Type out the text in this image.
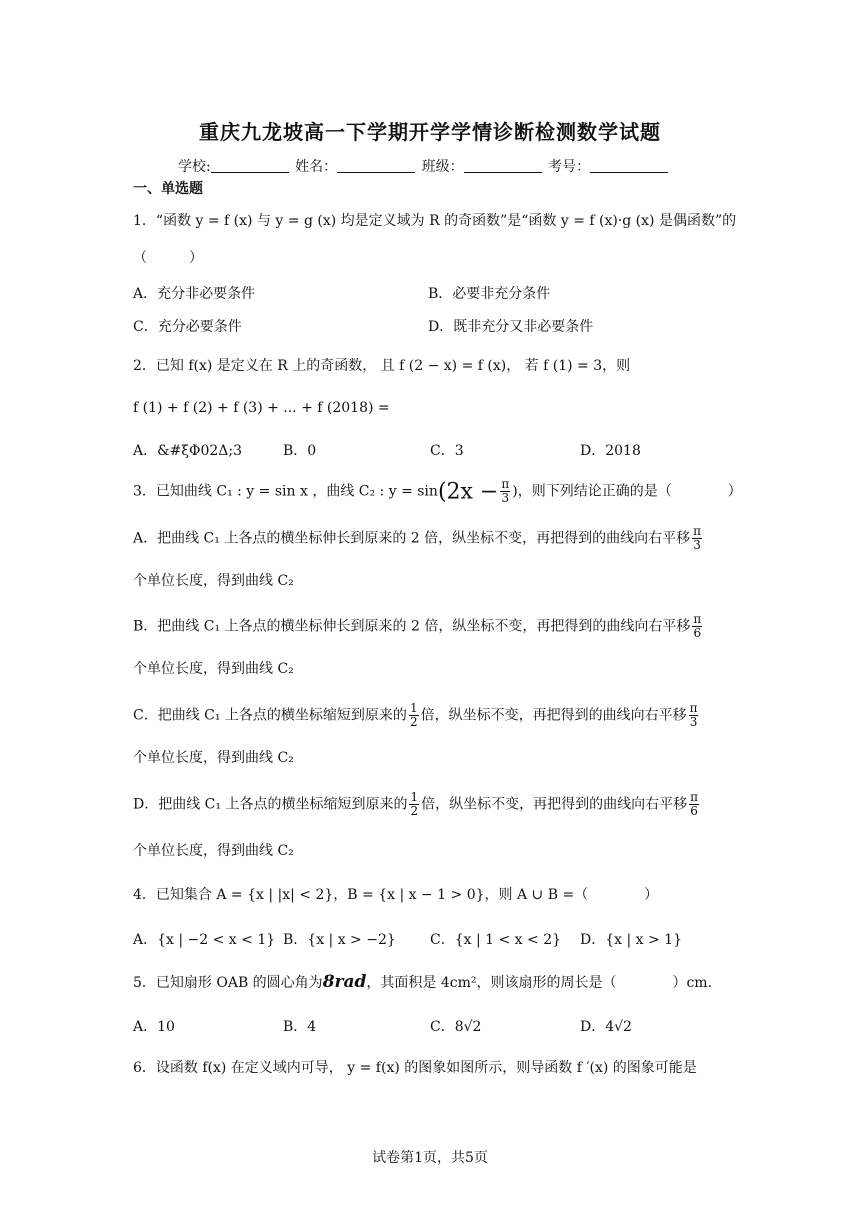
重庆九龙坡高一下学期开学学情诊断检测数学试题
学校:	姓名：	班级：	考号：
一、单选题
1．“函数 y = f (x) 与 y = g (x) 均是定义域为 R 的奇函数”是“函数 y = f (x)·g (x) 是偶函数”的
（　　　）
A．充分非必要条件	B．必要非充分条件
C．充分必要条件	D．既非充分又非必要条件
2．已知 f(x) 是定义在 R 上的奇函数， 且 f (2 − x) = f (x)， 若 f (1) = 3，则
f (1) + f (2) + f (3) + ... + f (2018) =
A．&#ξΦ02Δ;3	B．0	C．3	D．2018
3．已知曲线 C₁ : y = sin x ，曲线 C₂ : $y = \sin(2x - \frac{\pi}{3}$ )，则下列结论正确的是（　　　　）
A．把曲线 C₁ 上各点的横坐标伸长到原来的 2 倍，纵坐标不变，再把得到的曲线向右平移 $\frac{\pi}{3}$
个单位长度，得到曲线 C₂
B．把曲线 C₁ 上各点的横坐标伸长到原来的 2 倍，纵坐标不变，再把得到的曲线向右平移 $\frac{\pi}{6}$
个单位长度，得到曲线 C₂
C．把曲线 C₁ 上各点的横坐标缩短到原来的 $\frac{1}{2}$ 倍，纵坐标不变，再把得到的曲线向右平移 $\frac{\pi}{3}$
个单位长度，得到曲线 C₂
D．把曲线 C₁ 上各点的横坐标缩短到原来的 $\frac{1}{2}$ 倍，纵坐标不变，再把得到的曲线向右平移 $\frac{\pi}{6}$
个单位长度，得到曲线 C₂
4．已知集合 A = {x | |x| < 2}，B = {x | x − 1 > 0}，则 A ∪ B =（　　　　）
A．{x | −2 < x < 1} B．{x | x > −2} C．{x | 1 < x < 2} D．{x | x > 1}
5．已知扇形 OAB 的圆心角为8rad，其面积是 4cm²，则该扇形的周长是（　　　　）cm.
A．10	B．4	C．8√2	D．4√2
6．设函数 f(x) 在定义域内可导， y = f(x) 的图象如图所示，则导函数 f ′(x) 的图象可能是
试卷第1页，共5页
